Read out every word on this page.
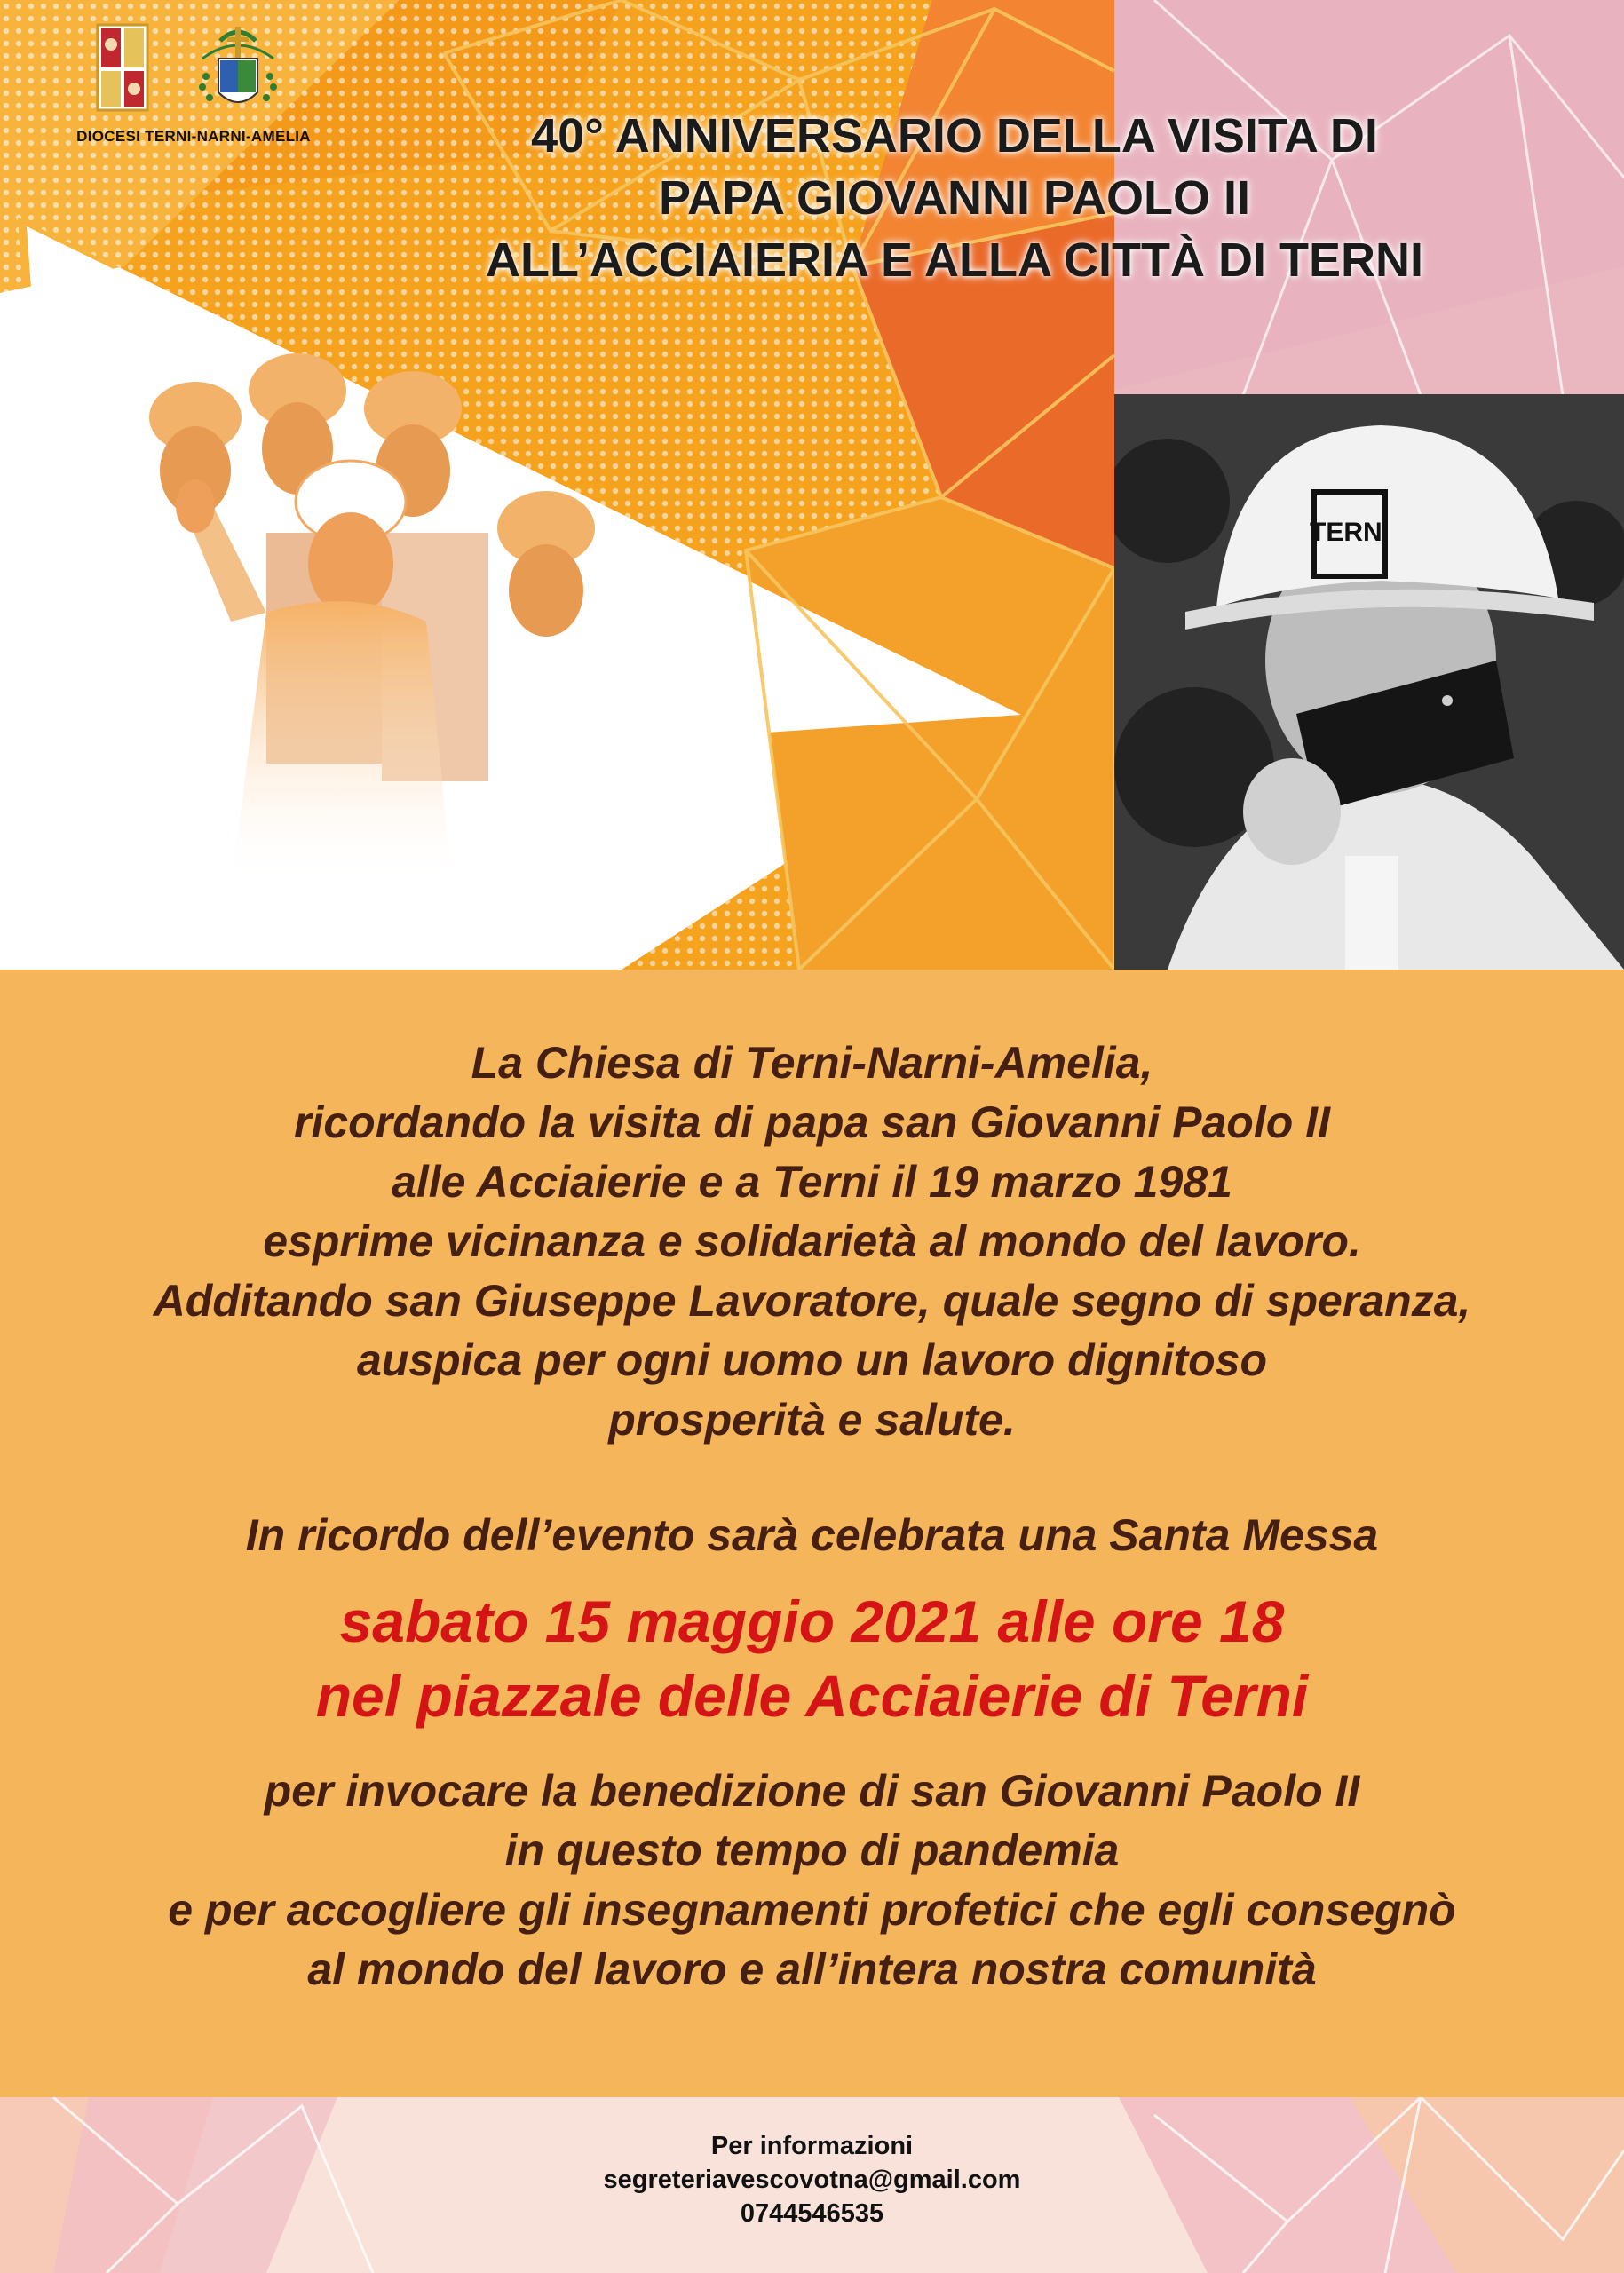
DIOCESI TERNI-NARNI-AMELIA	40° ANNIVERSARIO DELLA VISITA DI
PAPA GIOVANNI PAOLO II
ALL’ACCIAIERIA E ALLA CITTÀ DI TERNI
TERNI
La Chiesa di Terni-Narni-Amelia,
ricordando la visita di papa san Giovanni Paolo II
alle Acciaierie e a Terni il 19 marzo 1981
esprime vicinanza e solidarietà al mondo del lavoro.
Additando san Giuseppe Lavoratore, quale segno di speranza,
auspica per ogni uomo un lavoro dignitoso
prosperità e salute.
In ricordo dell’evento sarà celebrata una Santa Messa
sabato 15 maggio 2021 alle ore 18
nel piazzale delle Acciaierie di Terni
per invocare la benedizione di san Giovanni Paolo II
in questo tempo di pandemia
e per accogliere gli insegnamenti profetici che egli consegnò
al mondo del lavoro e all’intera nostra comunità
Per informazioni
segreteriavescovotna@gmail.com
0744546535
